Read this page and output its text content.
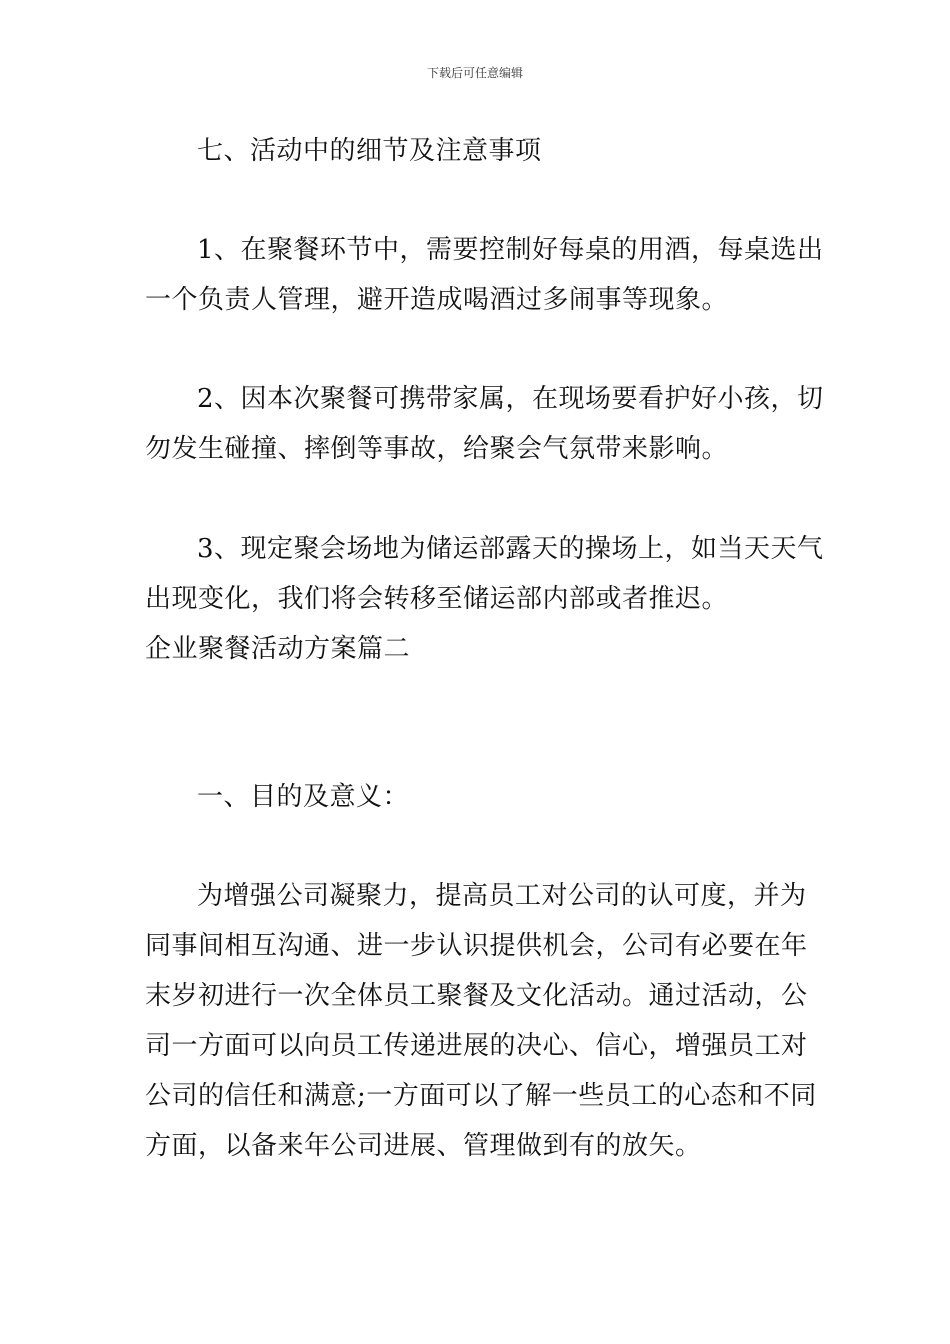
下载后可任意编辑
七、活动中的细节及注意事项
1、在聚餐环节中，需要控制好每桌的用酒，每桌选出
一个负责人管理，避开造成喝酒过多闹事等现象。
2、因本次聚餐可携带家属，在现场要看护好小孩，切
勿发生碰撞、摔倒等事故，给聚会气氛带来影响。
3、现定聚会场地为储运部露天的操场上，如当天天气
出现变化，我们将会转移至储运部内部或者推迟。
企业聚餐活动方案篇二
一、目的及意义：
为增强公司凝聚力，提高员工对公司的认可度，并为
同事间相互沟通、进一步认识提供机会，公司有必要在年
末岁初进行一次全体员工聚餐及文化活动。通过活动，公
司一方面可以向员工传递进展的决心、信心，增强员工对
公司的信任和满意;一方面可以了解一些员工的心态和不同
方面，以备来年公司进展、管理做到有的放矢。
